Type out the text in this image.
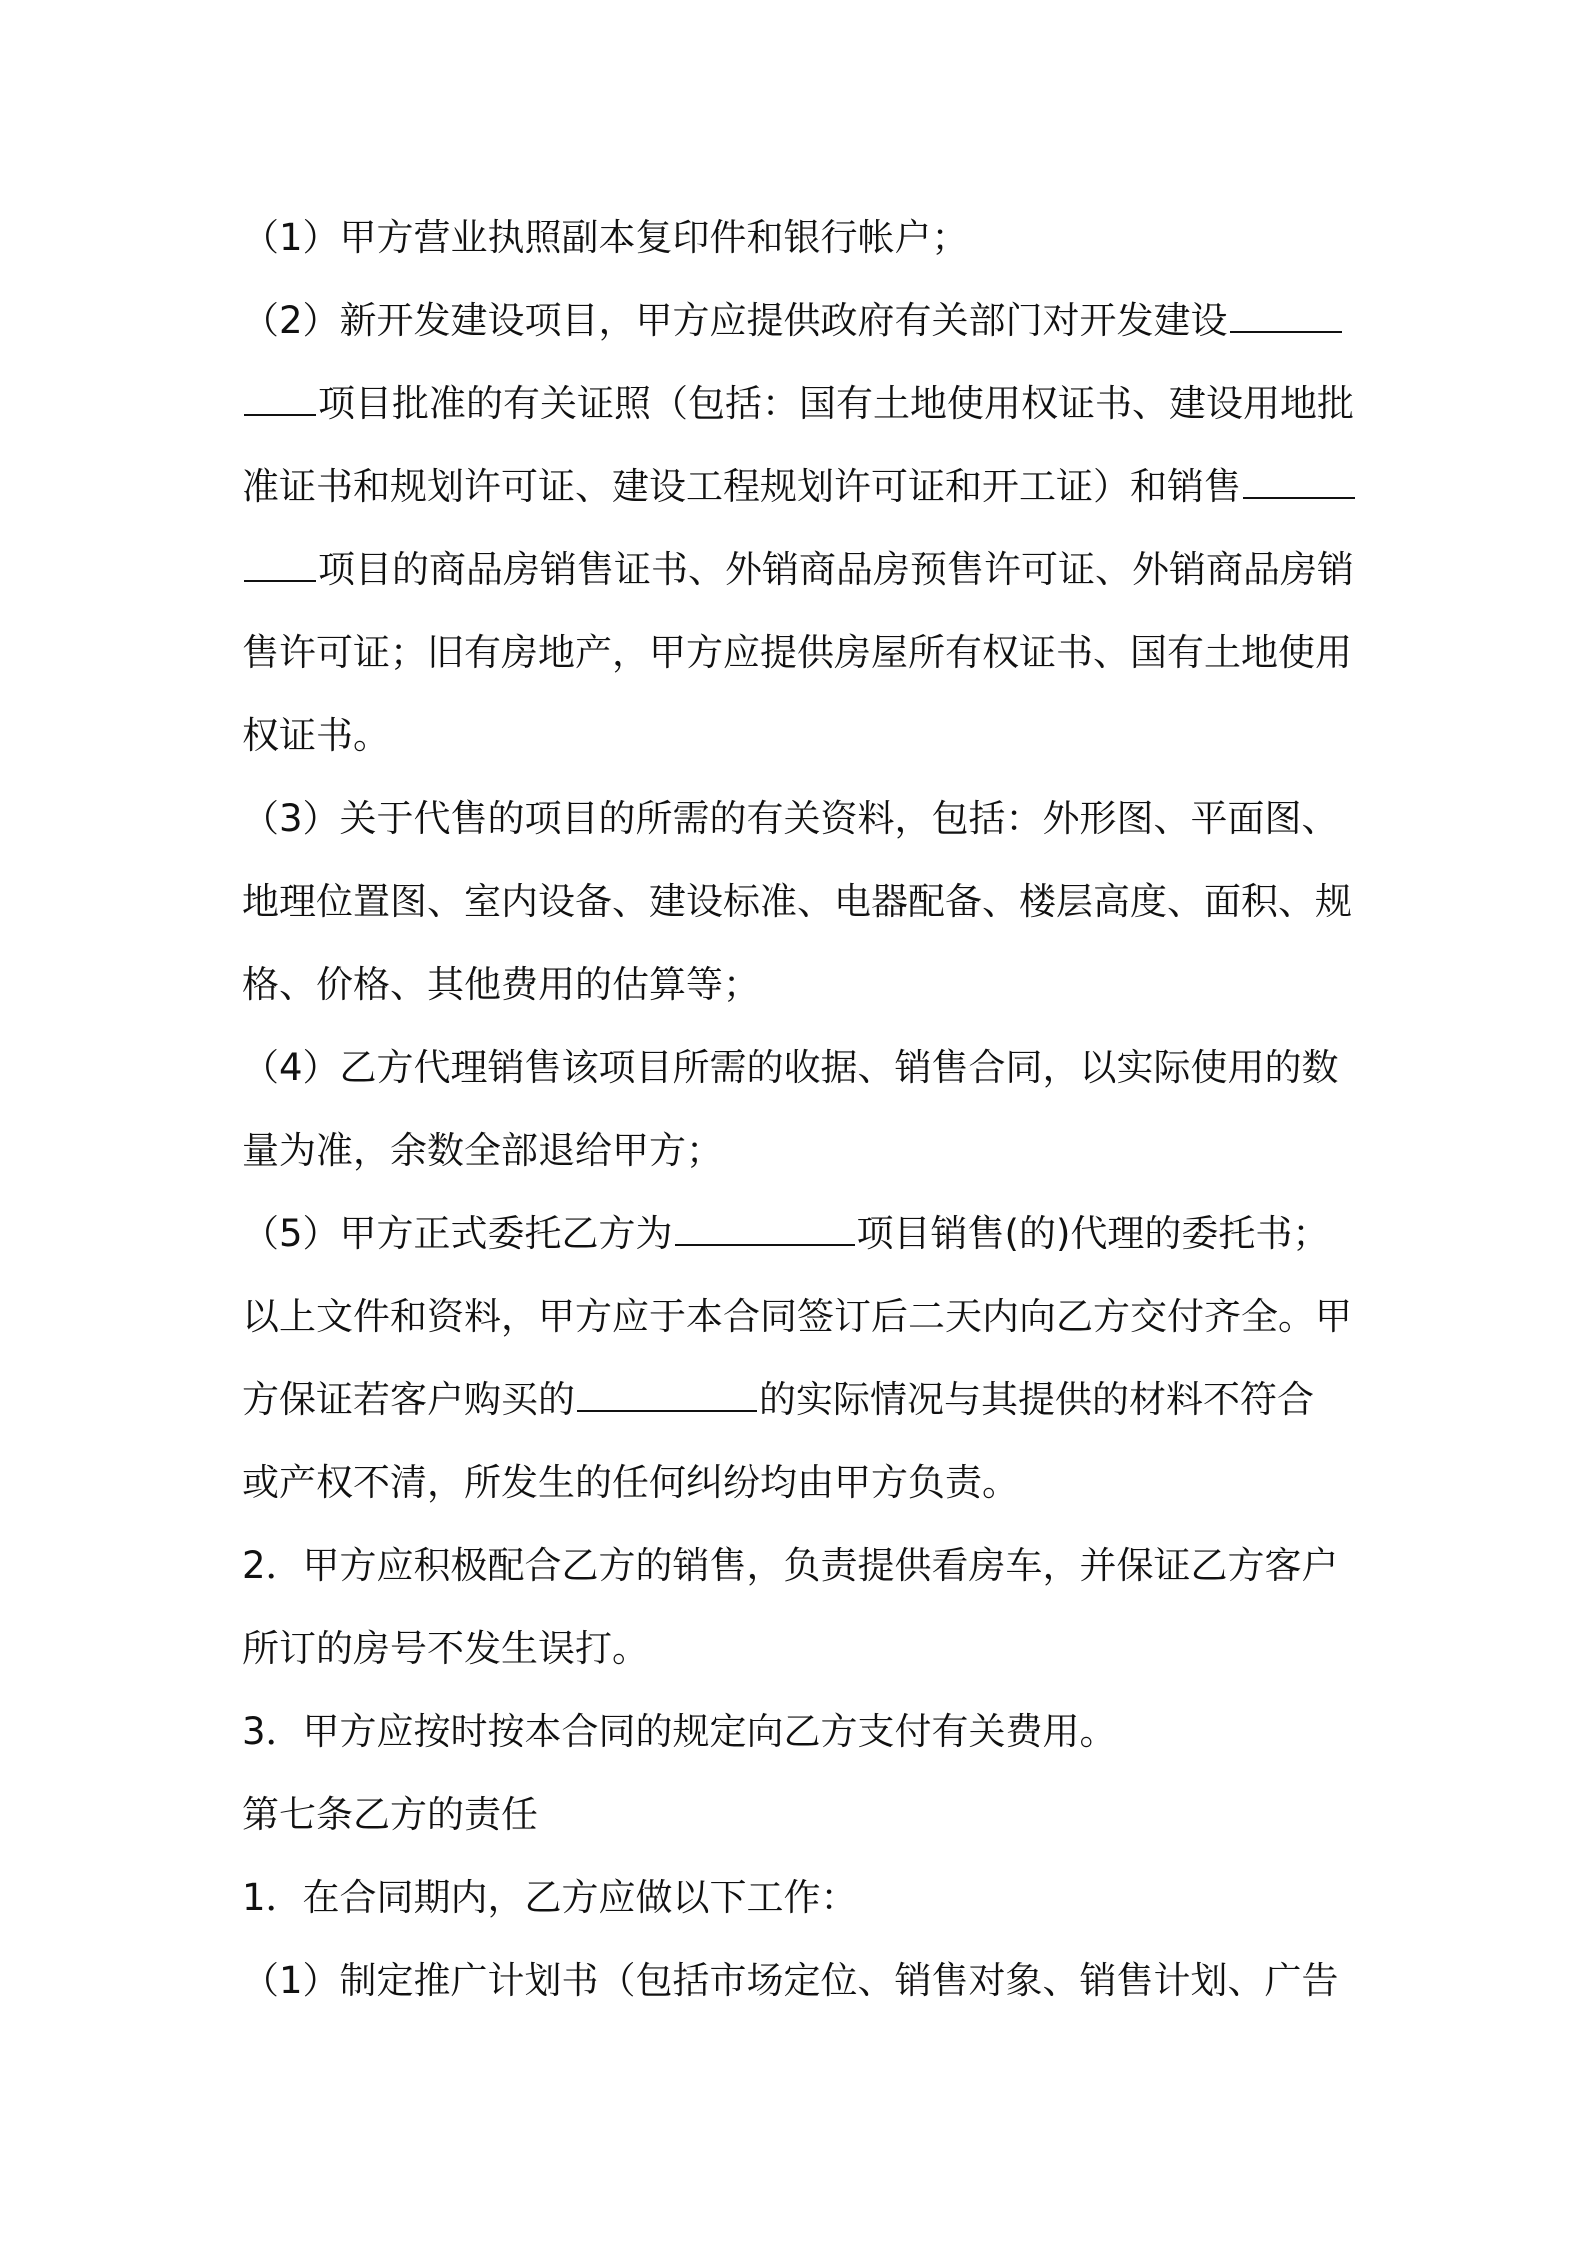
（1）甲方营业执照副本复印件和银行帐户；
（2）新开发建设项目，甲方应提供政府有关部门对开发建设
项目批准的有关证照（包括：国有土地使用权证书、建设用地批
准证书和规划许可证、建设工程规划许可证和开工证）和销售
项目的商品房销售证书、外销商品房预售许可证、外销商品房销
售许可证；旧有房地产，甲方应提供房屋所有权证书、国有土地使用
权证书。
（3）关于代售的项目的所需的有关资料，包括：外形图、平面图、
地理位置图、室内设备、建设标准、电器配备、楼层高度、面积、规
格、价格、其他费用的估算等；
（4）乙方代理销售该项目所需的收据、销售合同，以实际使用的数
量为准，余数全部退给甲方；
（5）甲方正式委托乙方为	项目销售(的)代理的委托书；
以上文件和资料，甲方应于本合同签订后二天内向乙方交付齐全。甲
方保证若客户购买的	的实际情况与其提供的材料不符合
或产权不清，所发生的任何纠纷均由甲方负责。
2．甲方应积极配合乙方的销售，负责提供看房车，并保证乙方客户
所订的房号不发生误打。
3．甲方应按时按本合同的规定向乙方支付有关费用。
第七条乙方的责任
1．在合同期内，乙方应做以下工作：
（1）制定推广计划书（包括市场定位、销售对象、销售计划、广告
